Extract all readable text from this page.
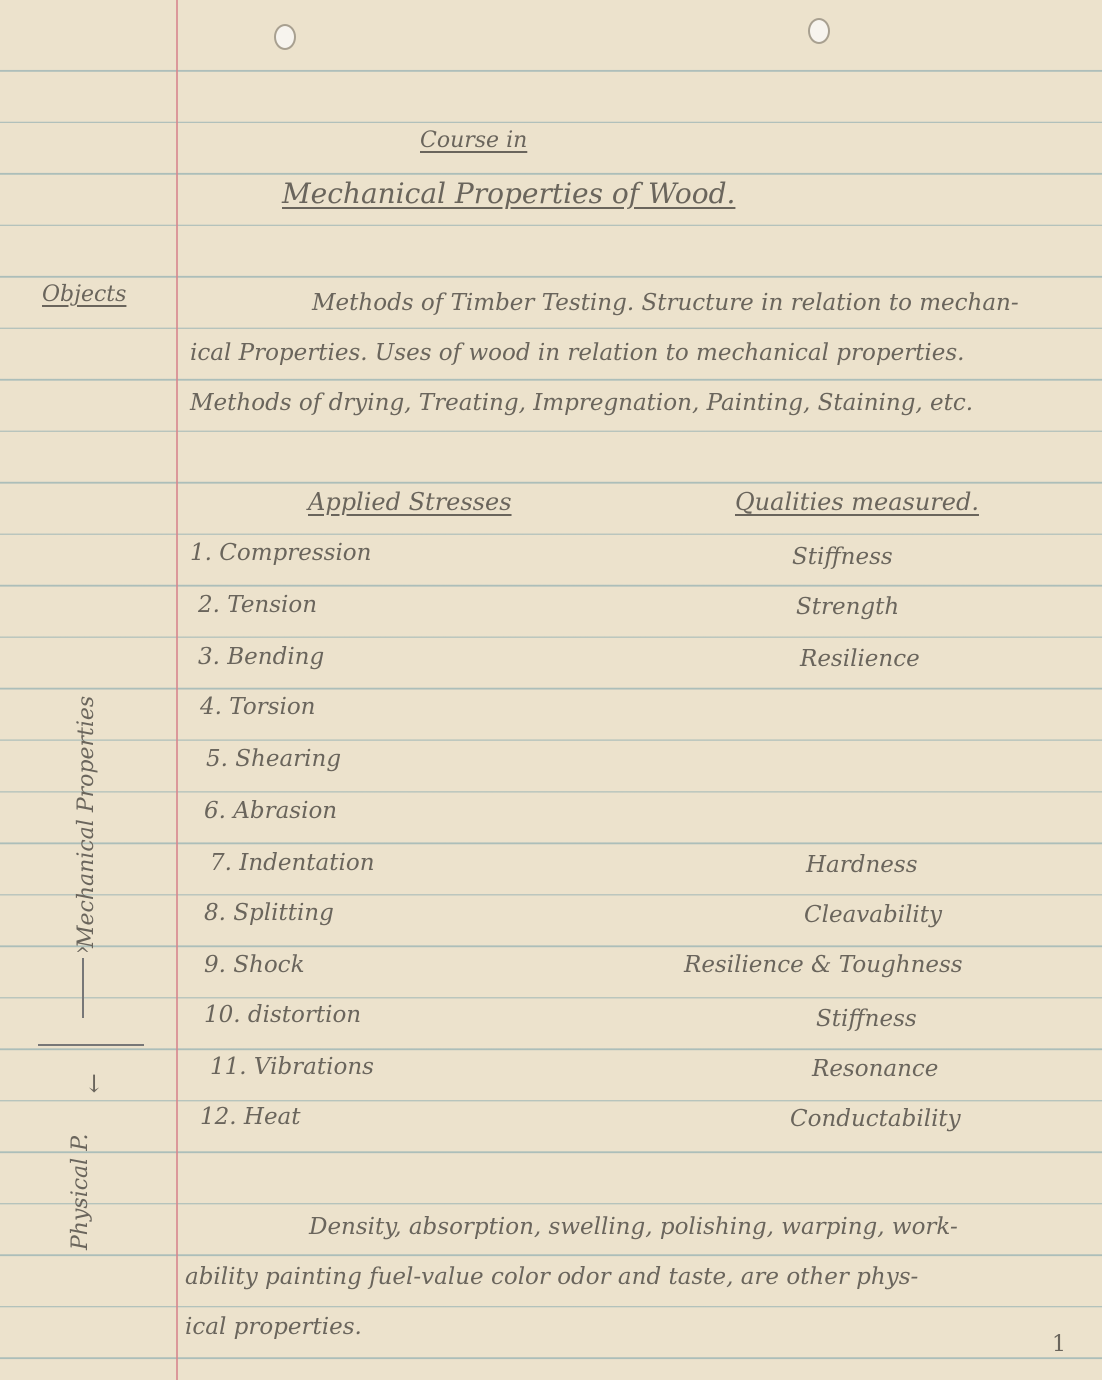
Course in
Mechanical Properties of Wood.
Objects	Methods of Timber Testing. Structure in relation to mechan-
ical Properties. Uses of wood in relation to mechanical properties.
Methods of drying, Treating, Impregnation, Painting, Staining, etc.
Applied Stresses	Qualities measured.
1. Compression
2. Tension
3. Bending
4. Torsion
5. Shearing
6. Abrasion
7. Indentation
8. Splitting
9. Shock
10. distortion
11. Vibrations
12. Heat
Stiffness
Strength
Resilience
Hardness
Cleavability
Resilience & Toughness
Stiffness
Resonance
Conductability
Mechanical Properties
^
Physical P.
↓
Density, absorption, swelling, polishing, warping, work-
ability painting fuel-value color odor and taste, are other phys-
ical properties.
1
